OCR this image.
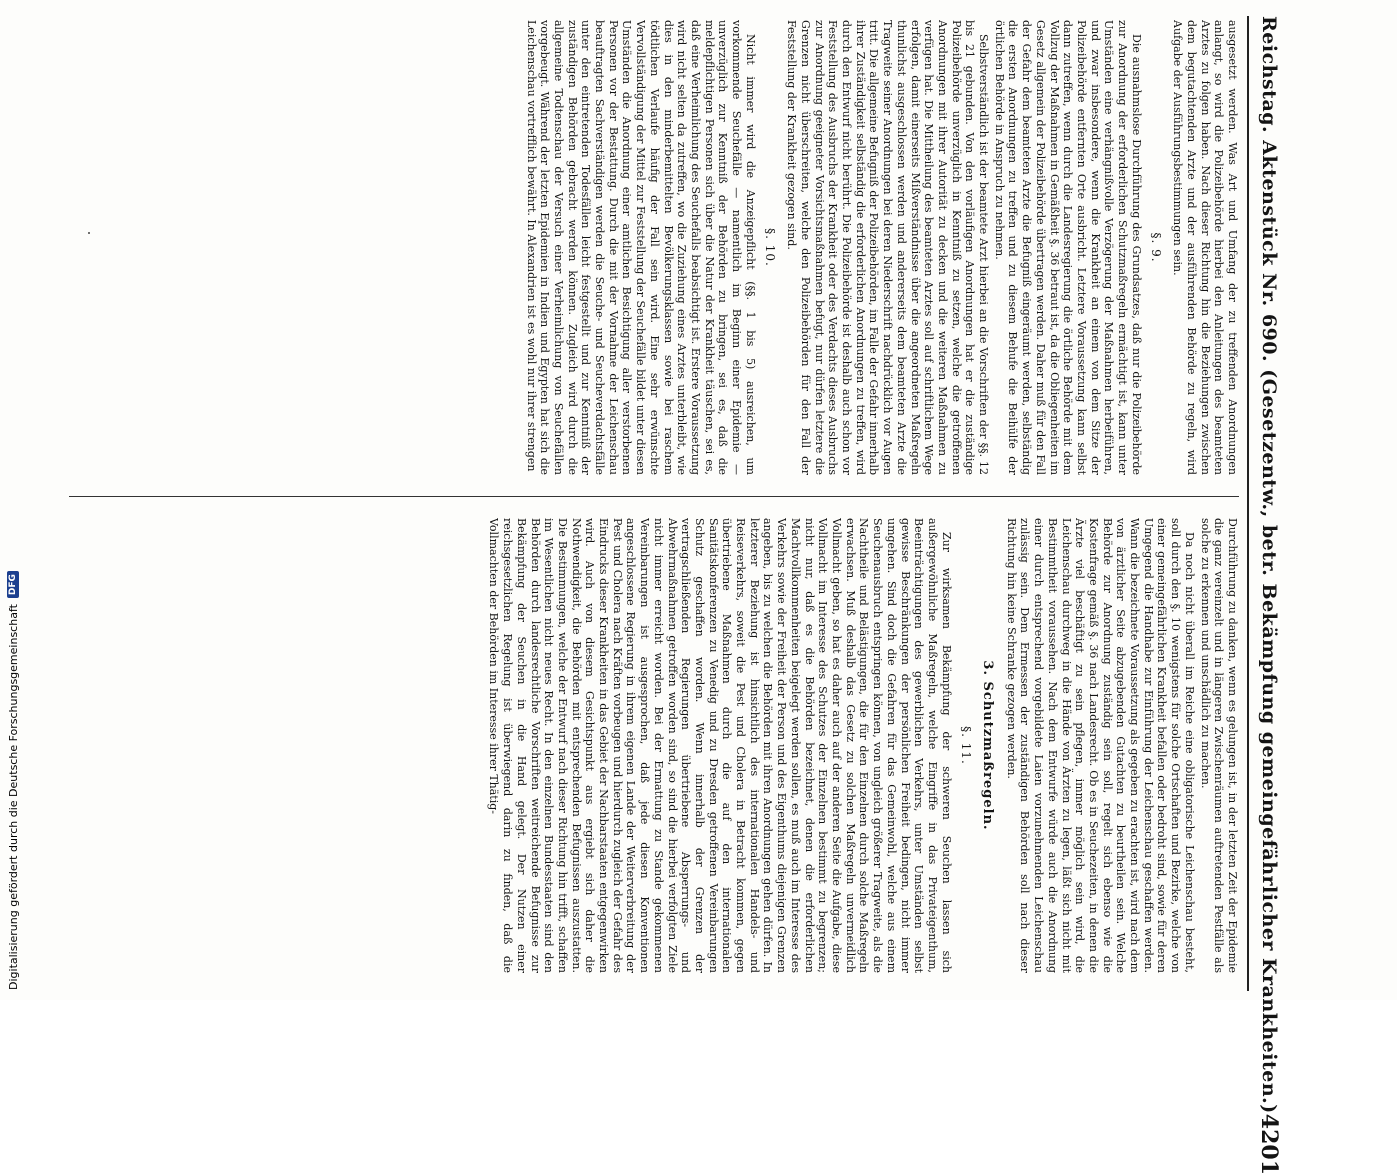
Reichstag. Aktenstück Nr. 690. (Gesetzentw., betr. Bekämpfung gemeingefährlicher Krankheiten.)
4201

ausgesetzt werden. Was Art und Umfang der zu treffenden Anordnungen anlangt, so wird die Polizeibehörde hierbei den Anleitungen des beamteten Arztes zu folgen haben. Nach dieser Richtung hin die Beziehungen zwischen dem begutachtenden Arzte und der ausführenden Behörde zu regeln, wird Aufgabe der Ausführungsbestimmungen sein.

§. 9.

Die ausnahmslose Durchführung des Grundsatzes, daß nur die Polizeibehörde zur Anordnung der erforderlichen Schutzmaßregeln ermächtigt ist, kann unter Umständen eine verhängnißvolle Verzögerung der Maßnahmen herbeiführen, und zwar insbesondere, wenn die Krankheit an einem von dem Sitze der Polizeibehörde entfernten Orte ausbricht. Letztere Voraussetzung kann selbst dann zutreffen, wenn durch die Landesregierung die örtliche Behörde mit dem Vollzug der Maßnahmen in Gemäßheit §. 36 betraut ist, da die Obliegenheiten im Gesetz allgemein der Polizeibehörde übertragen werden. Daher muß für den Fall der Gefahr dem beamteten Arzte die Befugniß eingeräumt werden, selbständig die ersten Anordnungen zu treffen und zu diesem Behufe die Beihülfe der örtlichen Behörde in Anspruch zu nehmen.

Selbstverständlich ist der beamtete Arzt hierbei an die Vorschriften der §§. 12 bis 21 gebunden. Von den vorläufigen Anordnungen hat er die zuständige Polizeibehörde unverzüglich in Kenntniß zu setzen, welche die getroffenen Anordnungen mit ihrer Autorität zu decken und die weiteren Maßnahmen zu verfügen hat. Die Mittheilung des beamteten Arztes soll auf schriftlichem Wege erfolgen, damit einerseits Mißverständnisse über die angeordneten Maßregeln thunlichst ausgeschlossen werden und andererseits dem beamteten Arzte die Tragweite seiner Anordnungen bei deren Niederschrift nachdrücklich vor Augen tritt. Die allgemeine Befugniß der Polizeibehörden, im Falle der Gefahr innerhalb ihrer Zuständigkeit selbständig die erforderlichen Anordnungen zu treffen, wird durch den Entwurf nicht berührt. Die Polizeibehörde ist deshalb auch schon vor Feststellung des Ausbruchs der Krankheit oder des Verdachts dieses Ausbruchs zur Anordnung geeigneter Vorsichtsmaßnahmen befugt, nur dürfen letztere die Grenzen nicht überschreiten, welche den Polizeibehörden für den Fall der Feststellung der Krankheit gezogen sind.

§. 10.

Nicht immer wird die Anzeigepflicht (§§. 1 bis 5) ausreichen, um vorkommende Seuchefälle — namentlich im Beginn einer Epidemie — unverzüglich zur Kenntniß der Behörden zu bringen, sei es, daß die meldepflichtigen Personen sich über die Natur der Krankheit täuschen, sei es, daß eine Verheimlichung des Seuchefalls beabsichtigt ist. Erstere Voraussetzung wird nicht selten da zutreffen, wo die Zuziehung eines Arztes unterbleibt, wie dies in den minderbemittelten Bevölkerungsklassen sowie bei raschem tödtlichen Verlaufe häufig der Fall sein wird. Eine sehr erwünschte Vervollständigung der Mittel zur Feststellung der Seuchefälle bildet unter diesen Umständen die Anordnung einer amtlichen Besichtigung aller verstorbenen Personen vor der Bestattung. Durch die mit der Vornahme der Leichenschau beauftragten Sachverständigen werden die Seuche- und Seucheverdachtsfälle unter den eintretenden Todesfällen leicht festgestellt und zur Kenntniß der zuständigen Behörden gebracht werden können. Zugleich wird durch die allgemeine Todtenschau der Versuch einer Verheimlichung von Seuchefällen vorgebeugt. Während der letzten Epidemien in Indien und Egypten hat sich die Leichenschau vortrefflich bewährt. In Alexandrien ist es wohl nur ihrer strengen

Durchführung zu danken, wenn es gelungen ist, in der letzten Zeit der Epidemie die ganz vereinzelt und in längeren Zwischenräumen auftretenden Pestfälle als solche zu erkennen und unschädlich zu machen.

Da noch nicht überall im Reiche eine obligatorische Leichenschau besteht, soll durch den §. 10 wenigstens für solche Ortschaften und Bezirke, welche von einer gemeingefährlichen Krankheit befallen oder bedroht sind, sowie für deren Umgegend die Handhabe zur Einführung der Leichenschau geschaffen werden. Wann die bezeichnete Voraussetzung als gegeben zu erachten ist, wird nach dem von ärztlicher Seite abzugebenden Gutachten zu beurtheilen sein. Welche Behörde zur Anordnung zuständig sein soll, regelt sich ebenso wie die Kostenfrage gemäß §. 36 nach Landesrecht. Ob es in Seuchezeiten, in denen die Ärzte viel beschäftigt zu sein pflegen, immer möglich sein wird, die Leichenschau durchweg in die Hände von Ärzten zu legen, läßt sich nicht mit Bestimmtheit voraussehen. Nach dem Entwurfe würde auch die Anordnung einer durch entsprechend vorgebildete Laien vorzunehmenden Leichenschau zulässig sein. Dem Ermessen der zuständigen Behörden soll nach dieser Richtung hin keine Schranke gezogen werden.

3. Schutzmaßregeln.
§. 11.

Zur wirksamen Bekämpfung der schweren Seuchen lassen sich außergewöhnliche Maßregeln, welche Eingriffe in das Privateigenthum, Beeinträchtigungen des gewerblichen Verkehrs, unter Umständen selbst gewisse Beschränkungen der persönlichen Freiheit bedingen, nicht immer umgehen. Sind doch die Gefahren für das Gemeinwohl, welche aus einem Seuchenausbruch entspringen können, von ungleich größerer Tragweite, als die Nachtheile und Belästigungen, die für den Einzelnen durch solche Maßregeln erwachsen. Muß deshalb das Gesetz zu solchen Maßregeln unvermeidlich Vollmacht geben, so hat es daher auch auf der anderen Seite die Aufgabe, diese Vollmacht im Interesse des Schutzes der Einzelnen bestimmt zu begrenzen; nicht nur, daß es die Behörden bezeichnet, denen die erforderlichen Machtvollkommenheiten beigelegt werden sollen, es muß auch im Interesse des Verkehrs sowie der Freiheit der Person und des Eigenthums diejenigen Grenzen angeben, bis zu welchen die Behörden mit ihren Anordnungen gehen dürfen. In letzterer Beziehung ist hinsichtlich des internationalen Handels- und Reiseverkehrs, soweit die Pest und Cholera in Betracht kommen, gegen übertriebene Maßnahmen durch die auf den internationalen Sanitätskonferenzen zu Venedig und zu Dresden getroffenen Vereinbarungen Schutz geschaffen worden. Wenn innerhalb der Grenzen der vertragschließenden Regierungen übertriebene Absperrungs- und Abwehrmaßnahmen getroffen worden sind, so sind die hierbei verfolgten Ziele nicht immer erreicht worden. Bei der Ermattung zu Stande gekommenen Vereinbarungen ist ausgesprochen, daß jede diesen Konventionen angeschlossene Regierung in ihrem eigenen Lande der Weiterverbreitung der Pest und Cholera nach Kräften vorbeugen und hierdurch zugleich der Gefahr des Eindrucks dieser Krankheiten in das Gebiet der Nachbarstaaten entgegenwirken wird. Auch von diesem Gesichtspunkt aus ergiebt sich daher die Nothwendigkeit, die Behörden mit entsprechenden Befugnissen auszustatten. Die Bestimmungen, welche der Entwurf nach dieser Richtung hin trifft, schaffen im Wesentlichen nicht neues Recht. In den einzelnen Bundesstaaten sind den Behörden durch landesrechtliche Vorschriften weitreichende Befugnisse zur Bekämpfung der Seuchen in die Hand gelegt. Der Nutzen einer reichsgesetzlichen Regelung ist überwiegend darin zu finden, daß die Vollmachten der Behörden im Interesse ihrer Thätig-

Digitalisierung gefördert durch die Deutsche Forschungsgemeinschaft
DFG
